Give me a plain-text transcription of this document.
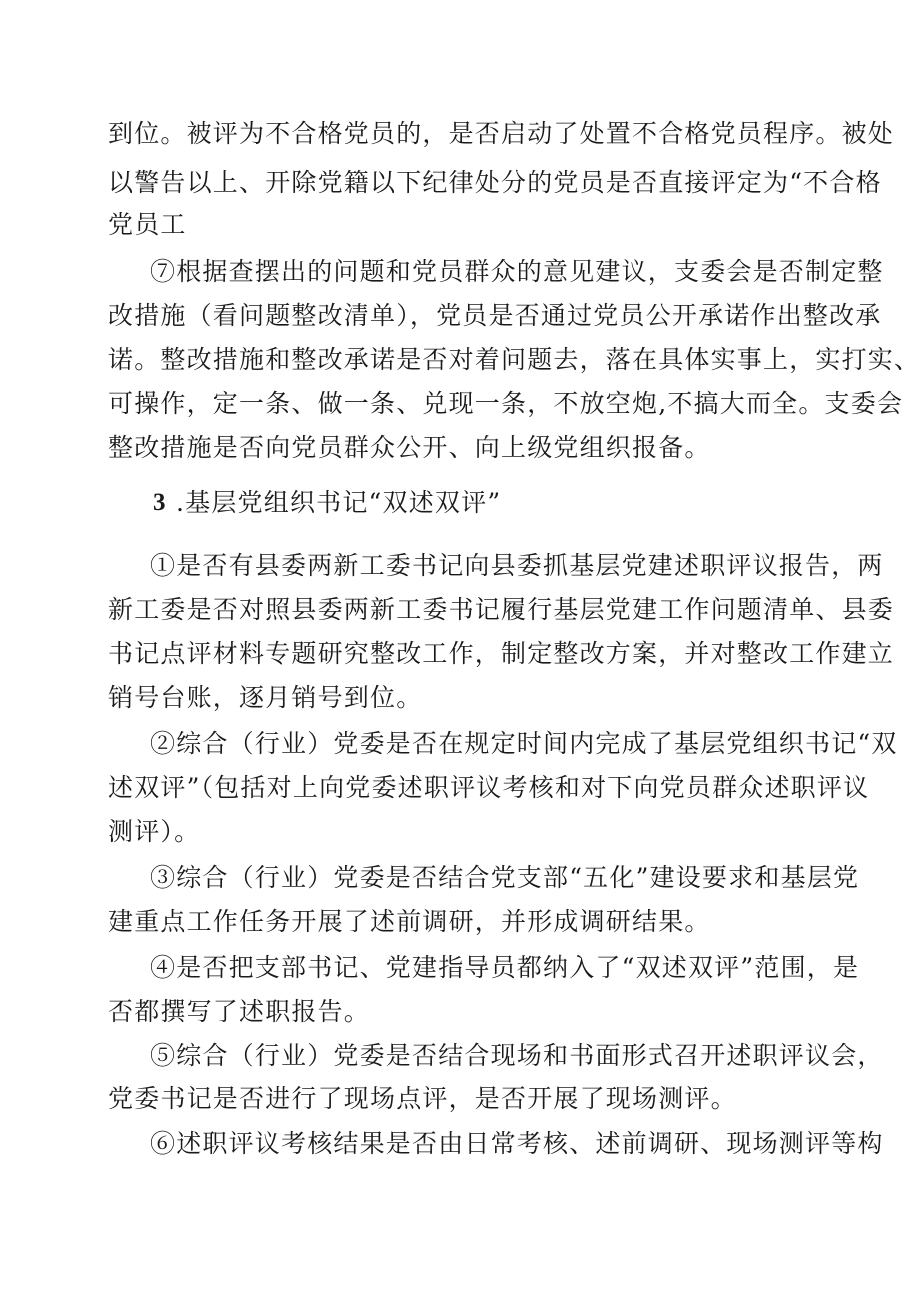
到位。被评为不合格党员的，是否启动了处置不合格党员程序。被处
以警告以上、开除党籍以下纪律处分的党员是否直接评定为“不合格
党员工
⑦根据查摆出的问题和党员群众的意见建议，支委会是否制定整
改措施（看问题整改清单），党员是否通过党员公开承诺作出整改承
诺。整改措施和整改承诺是否对着问题去，落在具体实事上，实打实、
可操作，定一条、做一条、兑现一条，不放空炮,不搞大而全。支委会
整改措施是否向党员群众公开、向上级党组织报备。
3 .基层党组织书记“双述双评”
①是否有县委两新工委书记向县委抓基层党建述职评议报告，两
新工委是否对照县委两新工委书记履行基层党建工作问题清单、县委
书记点评材料专题研究整改工作，制定整改方案，并对整改工作建立
销号台账，逐月销号到位。
②综合（行业）党委是否在规定时间内完成了基层党组织书记“双
述双评”（包括对上向党委述职评议考核和对下向党员群众述职评议
测评）。
③综合（行业）党委是否结合党支部“五化”建设要求和基层党
建重点工作任务开展了述前调研，并形成调研结果。
④是否把支部书记、党建指导员都纳入了“双述双评”范围，是
否都撰写了述职报告。
⑤综合（行业）党委是否结合现场和书面形式召开述职评议会，
党委书记是否进行了现场点评，是否开展了现场测评。
⑥述职评议考核结果是否由日常考核、述前调研、现场测评等构
